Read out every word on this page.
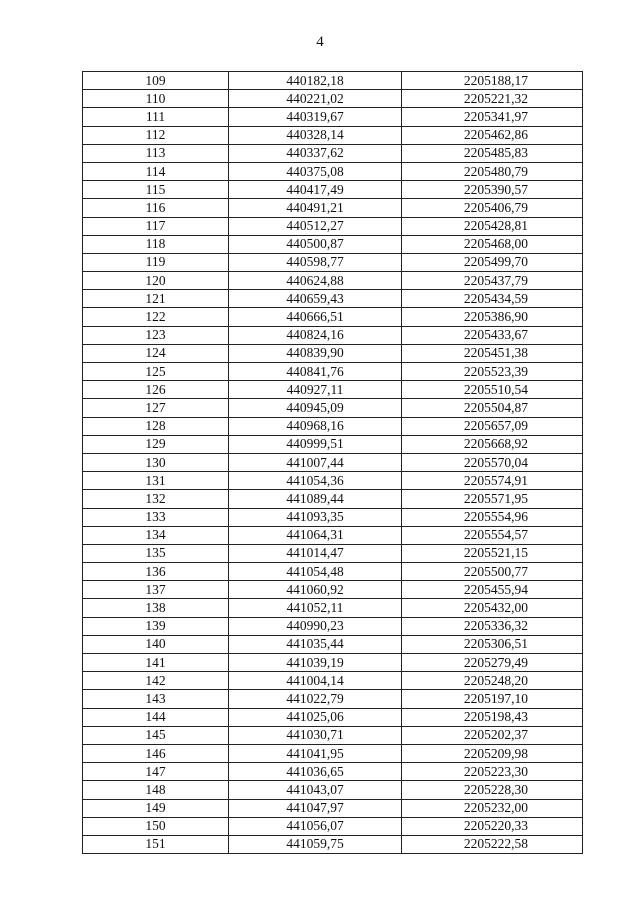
4
109	440182,18	2205188,17
110	440221,02	2205221,32
111	440319,67	2205341,97
112	440328,14	2205462,86
113	440337,62	2205485,83
114	440375,08	2205480,79
115	440417,49	2205390,57
116	440491,21	2205406,79
117	440512,27	2205428,81
118	440500,87	2205468,00
119	440598,77	2205499,70
120	440624,88	2205437,79
121	440659,43	2205434,59
122	440666,51	2205386,90
123	440824,16	2205433,67
124	440839,90	2205451,38
125	440841,76	2205523,39
126	440927,11	2205510,54
127	440945,09	2205504,87
128	440968,16	2205657,09
129	440999,51	2205668,92
130	441007,44	2205570,04
131	441054,36	2205574,91
132	441089,44	2205571,95
133	441093,35	2205554,96
134	441064,31	2205554,57
135	441014,47	2205521,15
136	441054,48	2205500,77
137	441060,92	2205455,94
138	441052,11	2205432,00
139	440990,23	2205336,32
140	441035,44	2205306,51
141	441039,19	2205279,49
142	441004,14	2205248,20
143	441022,79	2205197,10
144	441025,06	2205198,43
145	441030,71	2205202,37
146	441041,95	2205209,98
147	441036,65	2205223,30
148	441043,07	2205228,30
149	441047,97	2205232,00
150	441056,07	2205220,33
151	441059,75	2205222,58
